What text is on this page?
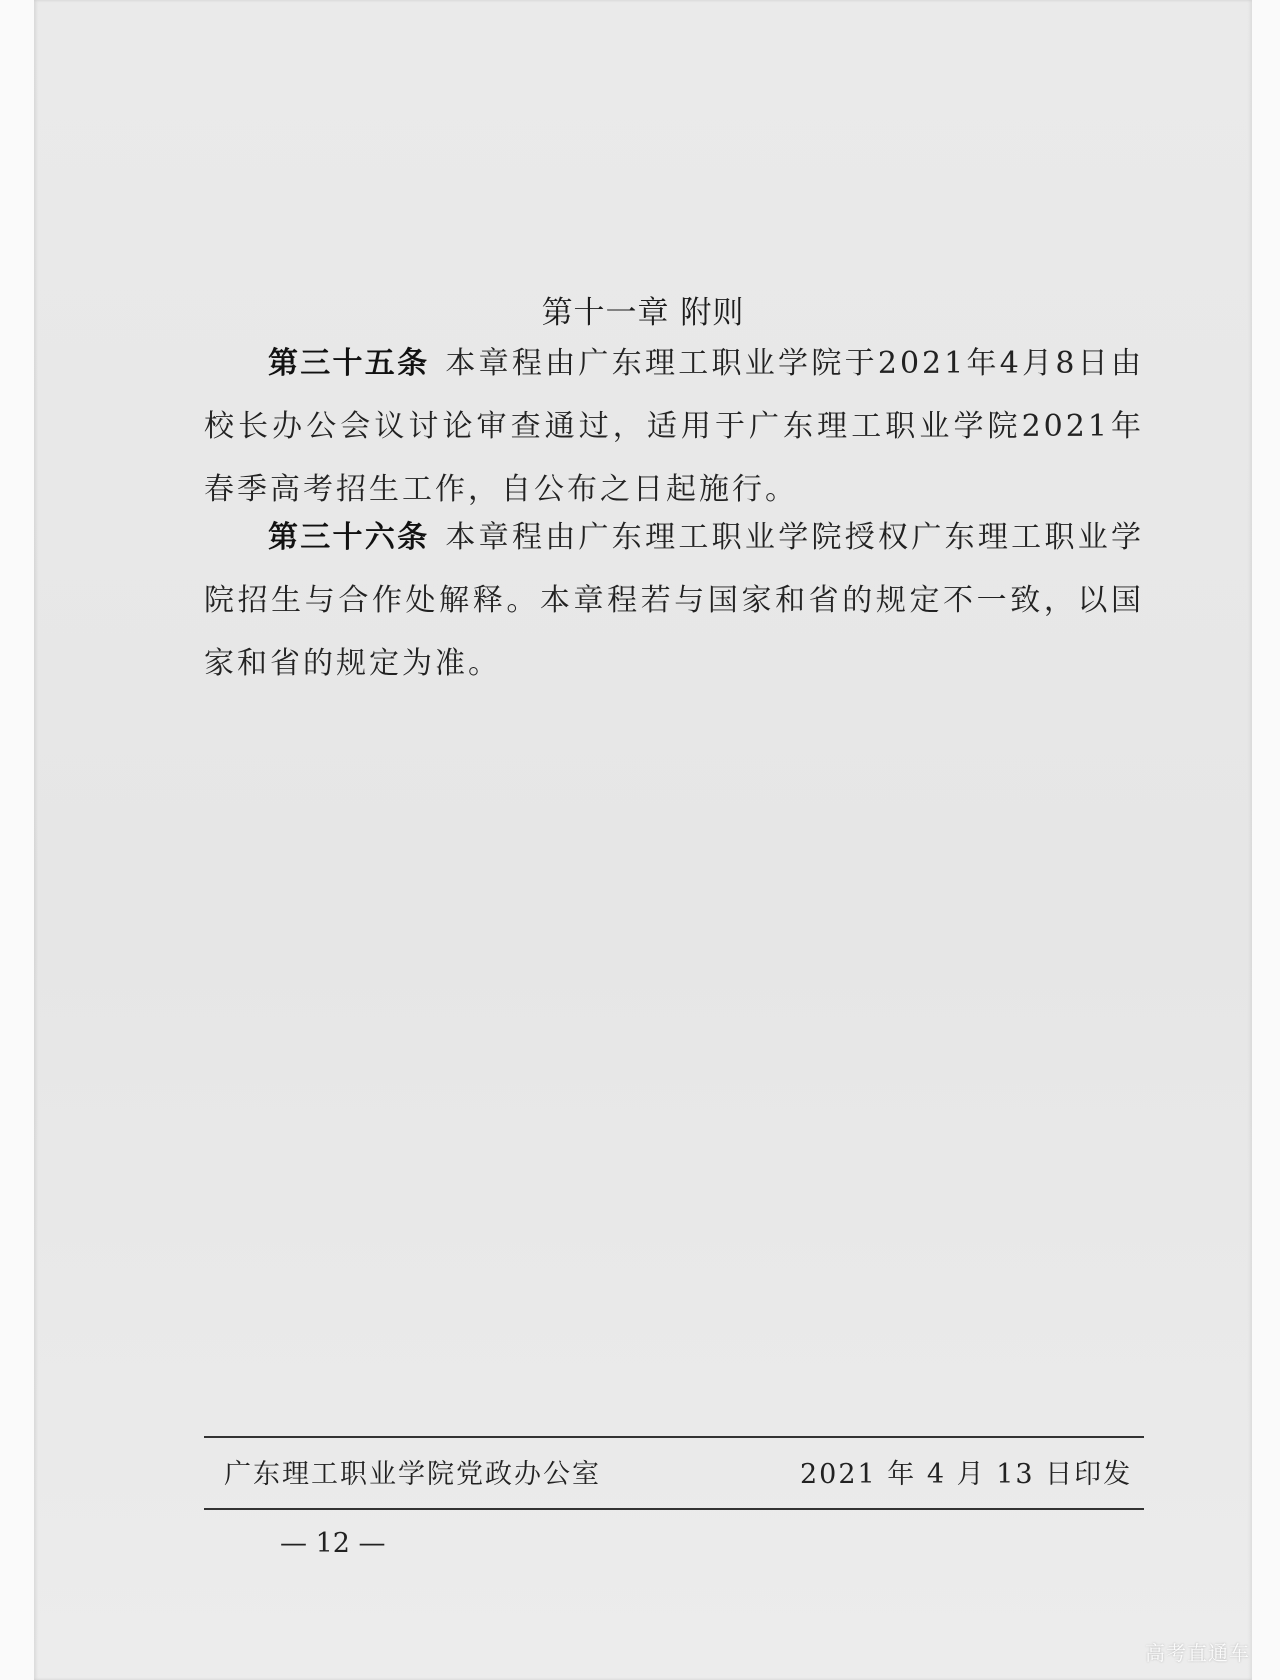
第十一章 附则

第三十五条 本章程由广东理工职业学院于2021年4月8日由校长办公会议讨论审查通过，适用于广东理工职业学院2021年春季高考招生工作，自公布之日起施行。

第三十六条 本章程由广东理工职业学院授权广东理工职业学院招生与合作处解释。本章程若与国家和省的规定不一致，以国家和省的规定为准。

广东理工职业学院党政办公室	2021 年 4 月 13 日印发
— 12 —
高考直通车
